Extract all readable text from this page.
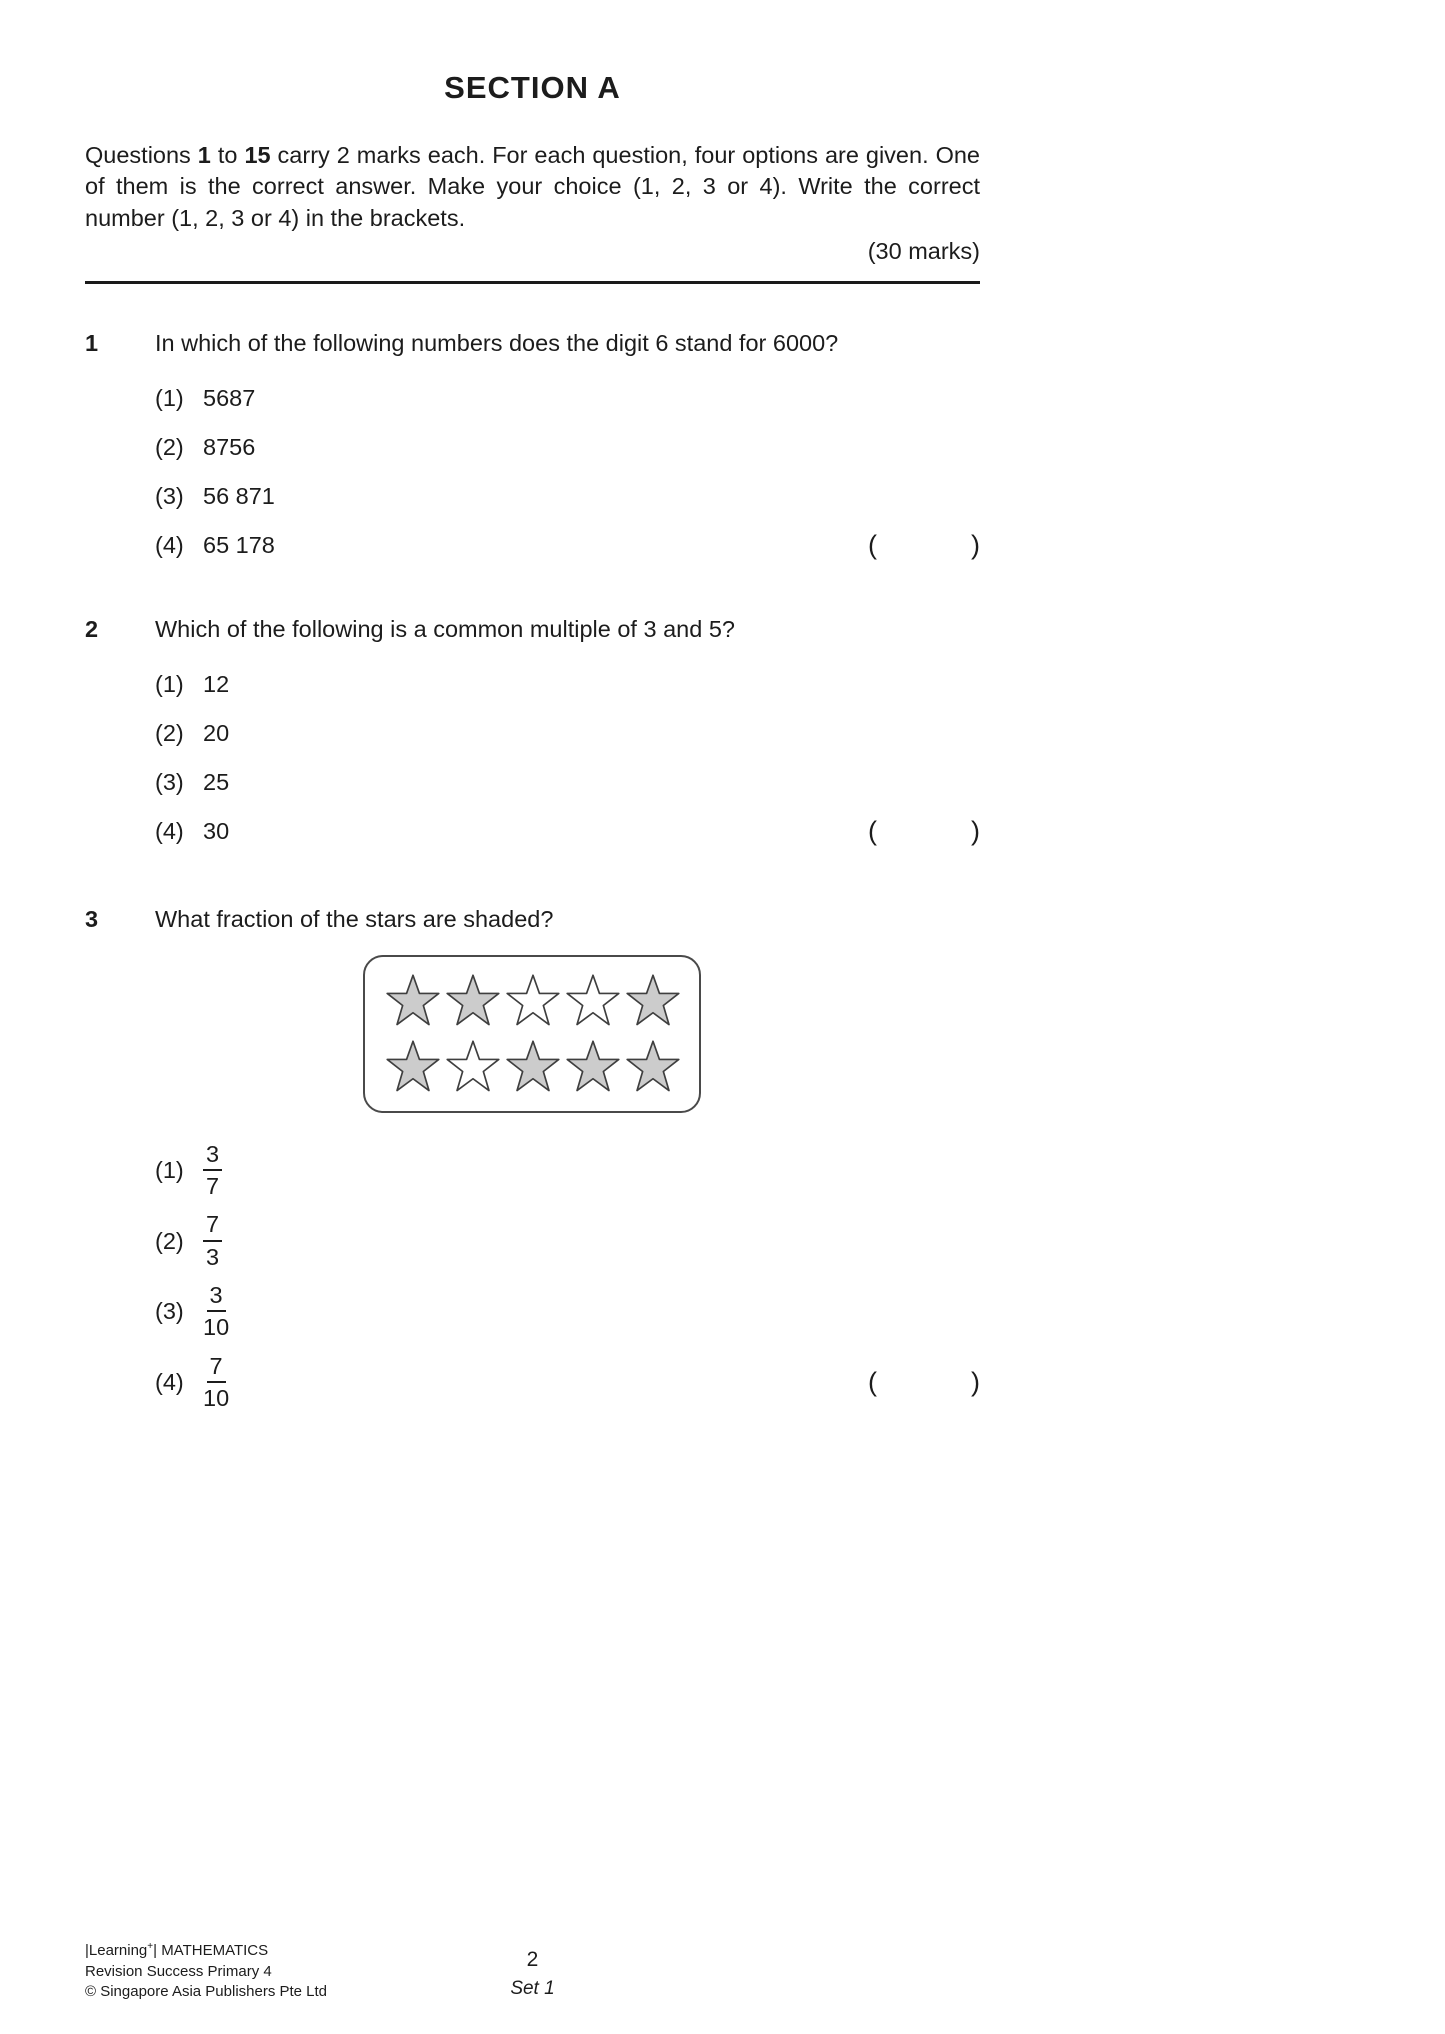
SECTION A
Questions 1 to 15 carry 2 marks each. For each question, four options are given. One of them is the correct answer. Make your choice (1, 2, 3 or 4). Write the correct number (1, 2, 3 or 4) in the brackets.
(30 marks)
1	In which of the following numbers does the digit 6 stand for 6000?
(1) 5687
(2) 8756
(3) 56 871
(4) 65 178	(	)
2	Which of the following is a common multiple of 3 and 5?
(1) 12
(2) 20
(3) 25
(4) 30	(	)
3	What fraction of the stars are shaded?
$(1) \frac{3}{7}$
$(2) \frac{7}{3}$
$(3) \frac{3}{10}$
$(4) \frac{7}{10}$	(	)
2
Set 1
|Learning+| MATHEMATICS
Revision Success Primary 4
© Singapore Asia Publishers Pte Ltd
